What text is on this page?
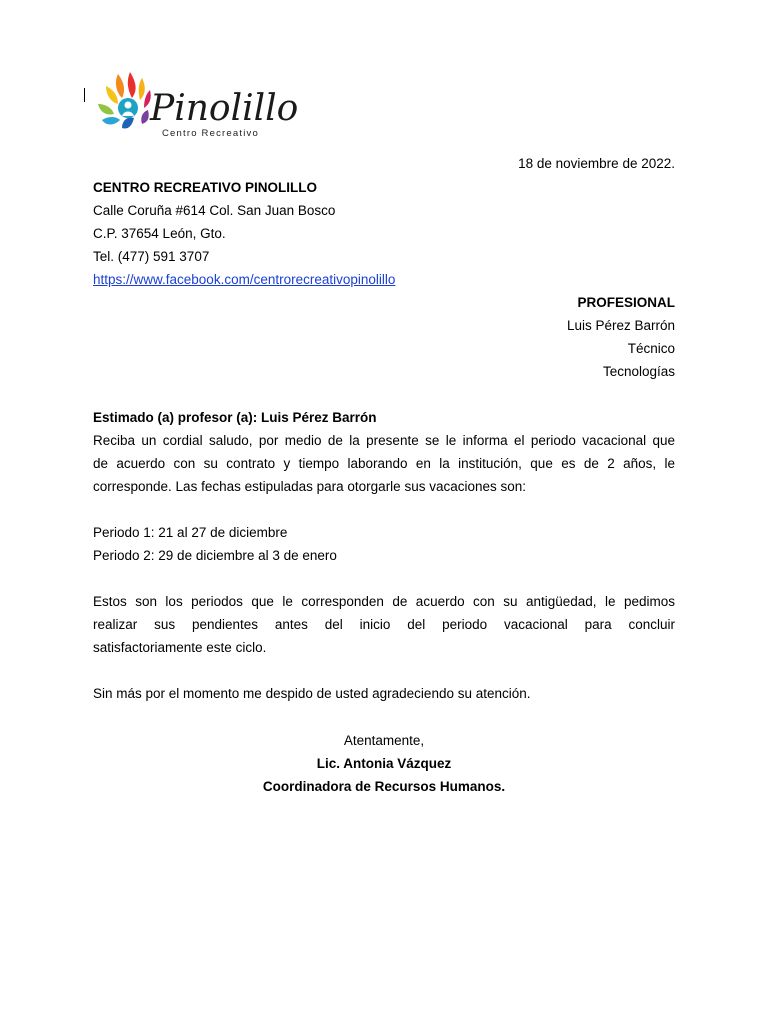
Pinolillo
Centro Recreativo
18 de noviembre de 2022.
CENTRO RECREATIVO PINOLILLO
Calle Coruña #614 Col. San Juan Bosco
C.P. 37654 León, Gto.
Tel. (477) 591 3707
https://www.facebook.com/centrorecreativopinolillo
PROFESIONAL
Luis Pérez Barrón
Técnico
Tecnologías
Estimado (a) profesor (a): Luis Pérez Barrón
Reciba un cordial saludo, por medio de la presente se le informa el periodo vacacional que
de acuerdo con su contrato y tiempo laborando en la institución, que es de 2 años, le
corresponde. Las fechas estipuladas para otorgarle sus vacaciones son:
Periodo 1: 21 al 27 de diciembre
Periodo 2: 29 de diciembre al 3 de enero
Estos son los periodos que le corresponden de acuerdo con su antigüedad, le pedimos
realizar sus pendientes antes del inicio del periodo vacacional para concluir
satisfactoriamente este ciclo.
Sin más por el momento me despido de usted agradeciendo su atención.
Atentamente,
Lic. Antonia Vázquez
Coordinadora de Recursos Humanos.
